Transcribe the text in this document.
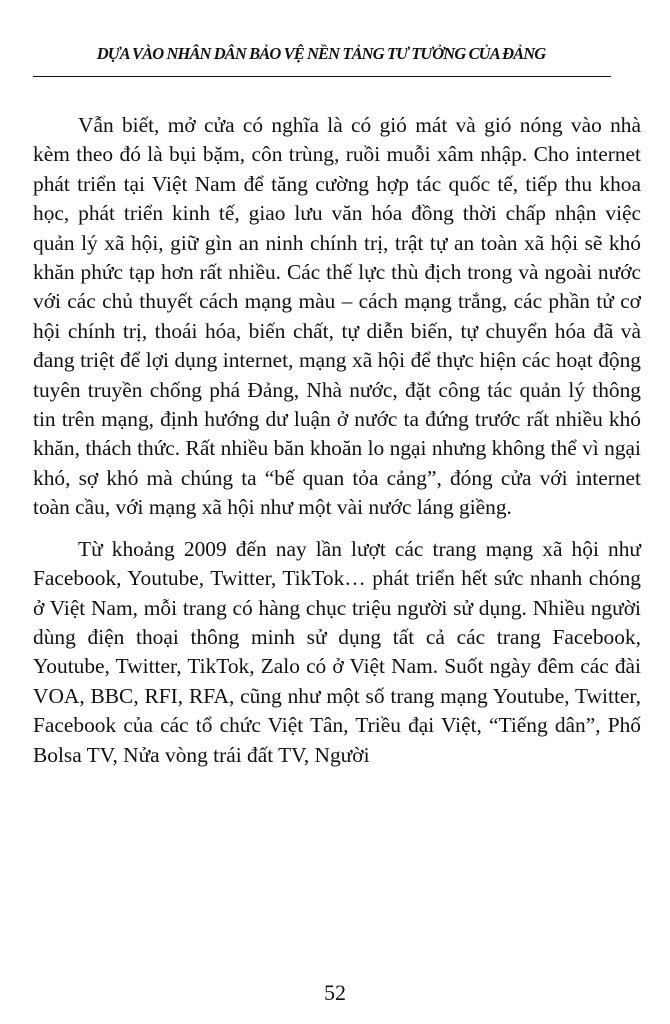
DỰA VÀO NHÂN DÂN BẢO VỆ NỀN TẢNG TƯ TƯỞNG CỦA ĐẢNG

Vẫn biết, mở cửa có nghĩa là có gió mát và gió nóng vào nhà kèm theo đó là bụi bặm, côn trùng, ruồi muỗi xâm nhập. Cho internet phát triển tại Việt Nam để tăng cường hợp tác quốc tế, tiếp thu khoa học, phát triển kinh tế, giao lưu văn hóa đồng thời chấp nhận việc quản lý xã hội, giữ gìn an ninh chính trị, trật tự an toàn xã hội sẽ khó khăn phức tạp hơn rất nhiều. Các thế lực thù địch trong và ngoài nước với các chủ thuyết cách mạng màu – cách mạng trắng, các phần tử cơ hội chính trị, thoái hóa, biến chất, tự diễn biến, tự chuyển hóa đã và đang triệt để lợi dụng internet, mạng xã hội để thực hiện các hoạt động tuyên truyền chống phá Đảng, Nhà nước, đặt công tác quản lý thông tin trên mạng, định hướng dư luận ở nước ta đứng trước rất nhiều khó khăn, thách thức. Rất nhiều băn khoăn lo ngại nhưng không thể vì ngại khó, sợ khó mà chúng ta “bế quan tỏa cảng”, đóng cửa với internet toàn cầu, với mạng xã hội như một vài nước láng giềng.

Từ khoảng 2009 đến nay lần lượt các trang mạng xã hội như Facebook, Youtube, Twitter, TikTok… phát triển hết sức nhanh chóng ở Việt Nam, mỗi trang có hàng chục triệu người sử dụng. Nhiều người dùng điện thoại thông minh sử dụng tất cả các trang Facebook, Youtube, Twitter, TikTok, Zalo có ở Việt Nam. Suốt ngày đêm các đài VOA, BBC, RFI, RFA, cũng như một số trang mạng Youtube, Twitter, Facebook của các tổ chức Việt Tân, Triều đại Việt, “Tiếng dân”, Phố Bolsa TV, Nửa vòng trái đất TV, Người

52
